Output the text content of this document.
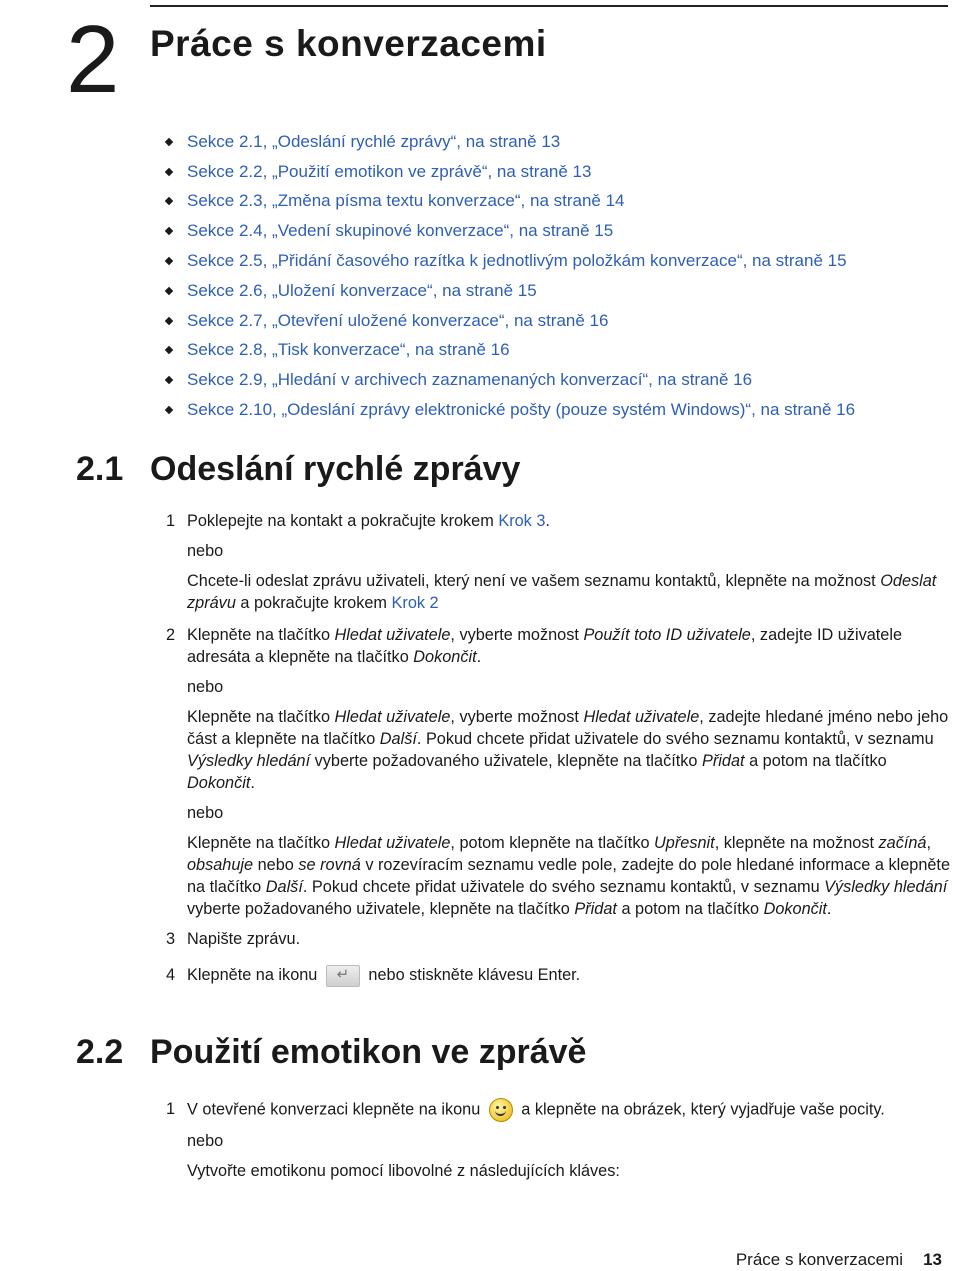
2 Práce s konverzacemi
Sekce 2.1, „Odeslání rychlé zprávy“, na straně 13
Sekce 2.2, „Použití emotikon ve zprávě“, na straně 13
Sekce 2.3, „Změna písma textu konverzace“, na straně 14
Sekce 2.4, „Vedení skupinové konverzace“, na straně 15
Sekce 2.5, „Přidání časového razítka k jednotlivým položkám konverzace“, na straně 15
Sekce 2.6, „Uložení konverzace“, na straně 15
Sekce 2.7, „Otevření uložené konverzace“, na straně 16
Sekce 2.8, „Tisk konverzace“, na straně 16
Sekce 2.9, „Hledání v archivech zaznamenaných konverzací“, na straně 16
Sekce 2.10, „Odeslání zprávy elektronické pošty (pouze systém Windows)“, na straně 16
2.1 Odeslání rychlé zprávy
1 Poklepejte na kontakt a pokračujte krokem Krok 3.

nebo

Chcete-li odeslat zprávu uživateli, který není ve vašem seznamu kontaktů, klepněte na možnost Odeslat zprávu a pokračujte krokem Krok 2

2 Klepněte na tlačítko Hledat uživatele, vyberte možnost Použít toto ID uživatele, zadejte ID uživatele adresáta a klepněte na tlačítko Dokončit.

nebo

Klepněte na tlačítko Hledat uživatele, vyberte možnost Hledat uživatele, zadejte hledané jméno nebo jeho část a klepněte na tlačítko Další. Pokud chcete přidat uživatele do svého seznamu kontaktů, v seznamu Výsledky hledání vyberte požadovaného uživatele, klepněte na tlačítko Přidat a potom na tlačítko Dokončit.

nebo

Klepněte na tlačítko Hledat uživatele, potom klepněte na tlačítko Upřesnit, klepněte na možnost začíná, obsahuje nebo se rovná v rozevíracím seznamu vedle pole, zadejte do pole hledané informace a klepněte na tlačítko Další. Pokud chcete přidat uživatele do svého seznamu kontaktů, v seznamu Výsledky hledání vyberte požadovaného uživatele, klepněte na tlačítko Přidat a potom na tlačítko Dokončit.

3 Napište zprávu.

4 Klepněte na ikonu ↵ nebo stiskněte klávesu Enter.

2.2 Použití emotikon ve zprávě
1 V otevřené konverzaci klepněte na ikonu  a klepněte na obrázek, který vyjadřuje vaše pocity.

nebo

Vytvořte emotikonu pomocí libovolné z následujících kláves:

Práce s konverzacemi 13
